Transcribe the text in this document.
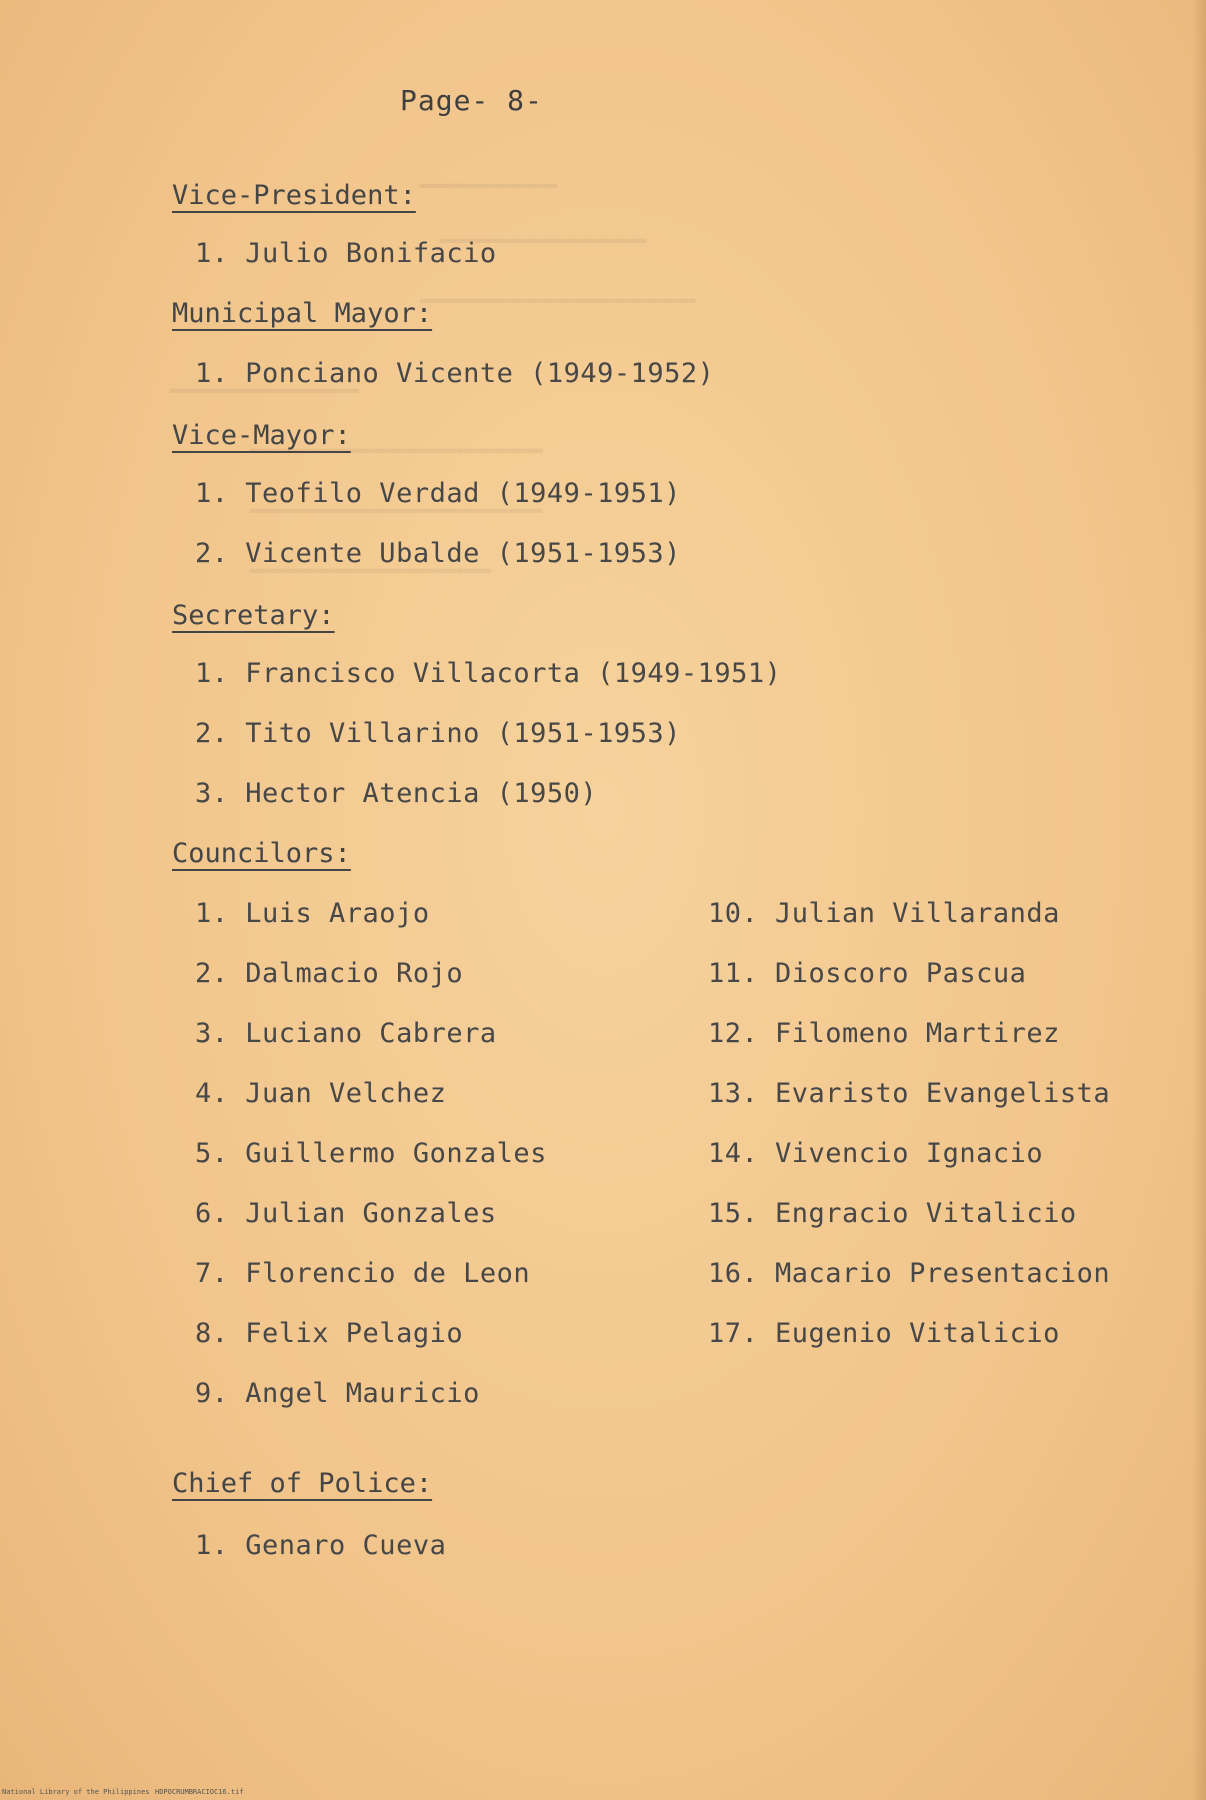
▔▔▔▔▔▔▔▔
▔▔▔▔▔▔▔▔▔▔▔▔
▔▔▔▔▔▔▔▔▔▔▔▔▔▔▔▔
▔▔▔▔▔▔▔▔▔▔▔
▔▔▔▔▔▔▔▔▔▔▔▔▔▔▔▔▔
▔▔▔▔▔▔▔▔▔▔▔▔▔▔▔▔▔
▔▔▔▔▔▔▔▔▔▔▔▔▔▔
Page- 8-
Vice-President:
1. Julio Bonifacio
Municipal Mayor:
1. Ponciano Vicente (1949-1952)
Vice-Mayor:
1. Teofilo Verdad (1949-1951)
2. Vicente Ubalde (1951-1953)
Secretary:
1. Francisco Villacorta (1949-1951)
2. Tito Villarino (1951-1953)
3. Hector Atencia (1950)
Councilors:
1. Luis Araojo
2. Dalmacio Rojo
3. Luciano Cabrera
4. Juan Velchez
5. Guillermo Gonzales
6. Julian Gonzales
7. Florencio de Leon
8. Felix Pelagio
9. Angel Mauricio
10. Julian Villaranda
11. Dioscoro Pascua
12. Filomeno Martirez
13. Evaristo Evangelista
14. Vivencio Ignacio
15. Engracio Vitalicio
16. Macario Presentacion
17. Eugenio Vitalicio
Chief of Police:
1. Genaro Cueva
National Library of the Philippines HDPOCRUMBRACIOC16.tif
